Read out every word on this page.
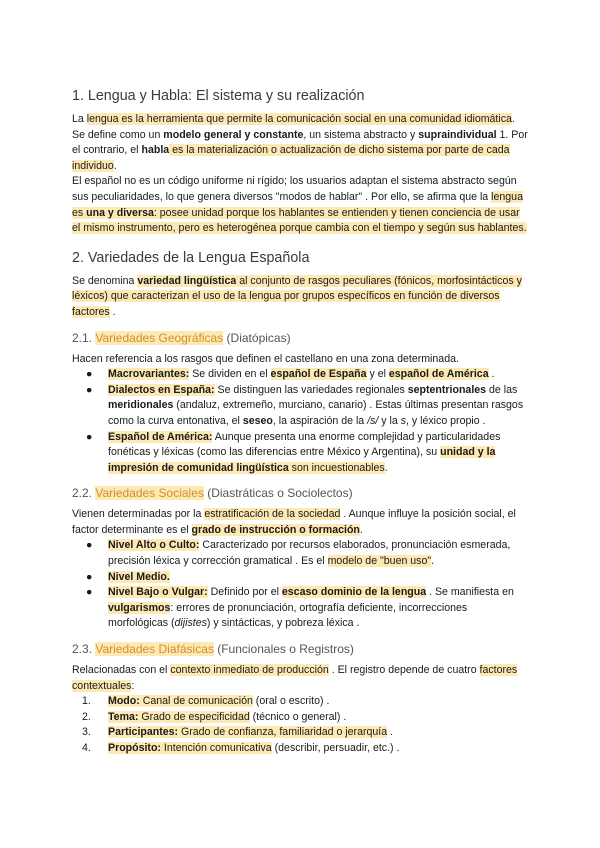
1. Lengua y Habla: El sistema y su realización

La lengua es la herramienta que permite la comunicación social en una comunidad idiomática. Se define como un modelo general y constante, un sistema abstracto y supraindividual 1. Por el contrario, el habla es la materialización o actualización de dicho sistema por parte de cada individuo.

El español no es un código uniforme ni rígido; los usuarios adaptan el sistema abstracto según sus peculiaridades, lo que genera diversos "modos de hablar" . Por ello, se afirma que la lengua es una y diversa: posee unidad porque los hablantes se entienden y tienen conciencia de usar el mismo instrumento, pero es heterogénea porque cambia con el tiempo y según sus hablantes.

2. Variedades de la Lengua Española

Se denomina variedad lingüística al conjunto de rasgos peculiares (fónicos, morfosintácticos y léxicos) que caracterizan el uso de la lengua por grupos específicos en función de diversos factores .

2.1. Variedades Geográficas (Diatópicas)

Hacen referencia a los rasgos que definen el castellano en una zona determinada.

● Macrovariantes: Se dividen en el español de España y el español de América .
● Dialectos en España: Se distinguen las variedades regionales septentrionales de las meridionales (andaluz, extremeño, murciano, canario) . Estas últimas presentan rasgos como la curva entonativa, el seseo, la aspiración de la /s/ y la s, y léxico propio .
● Español de América: Aunque presenta una enorme complejidad y particularidades fonéticas y léxicas (como las diferencias entre México y Argentina), su unidad y la impresión de comunidad lingüística son incuestionables.
2.2. Variedades Sociales (Diastráticas o Sociolectos)

Vienen determinadas por la estratificación de la sociedad . Aunque influye la posición social, el factor determinante es el grado de instrucción o formación.

● Nivel Alto o Culto: Caracterizado por recursos elaborados, pronunciación esmerada, precisión léxica y corrección gramatical . Es el modelo de "buen uso".
● Nivel Medio.
● Nivel Bajo o Vulgar: Definido por el escaso dominio de la lengua . Se manifiesta en vulgarismos: errores de pronunciación, ortografía deficiente, incorrecciones morfológicas (dijistes) y sintácticas, y pobreza léxica .
2.3. Variedades Diafásicas (Funcionales o Registros)

Relacionadas con el contexto inmediato de producción . El registro depende de cuatro factores contextuales:

1. Modo: Canal de comunicación (oral o escrito) .
2. Tema: Grado de especificidad (técnico o general) .
3. Participantes: Grado de confianza, familiaridad o jerarquía .
4. Propósito: Intención comunicativa (describir, persuadir, etc.) .
